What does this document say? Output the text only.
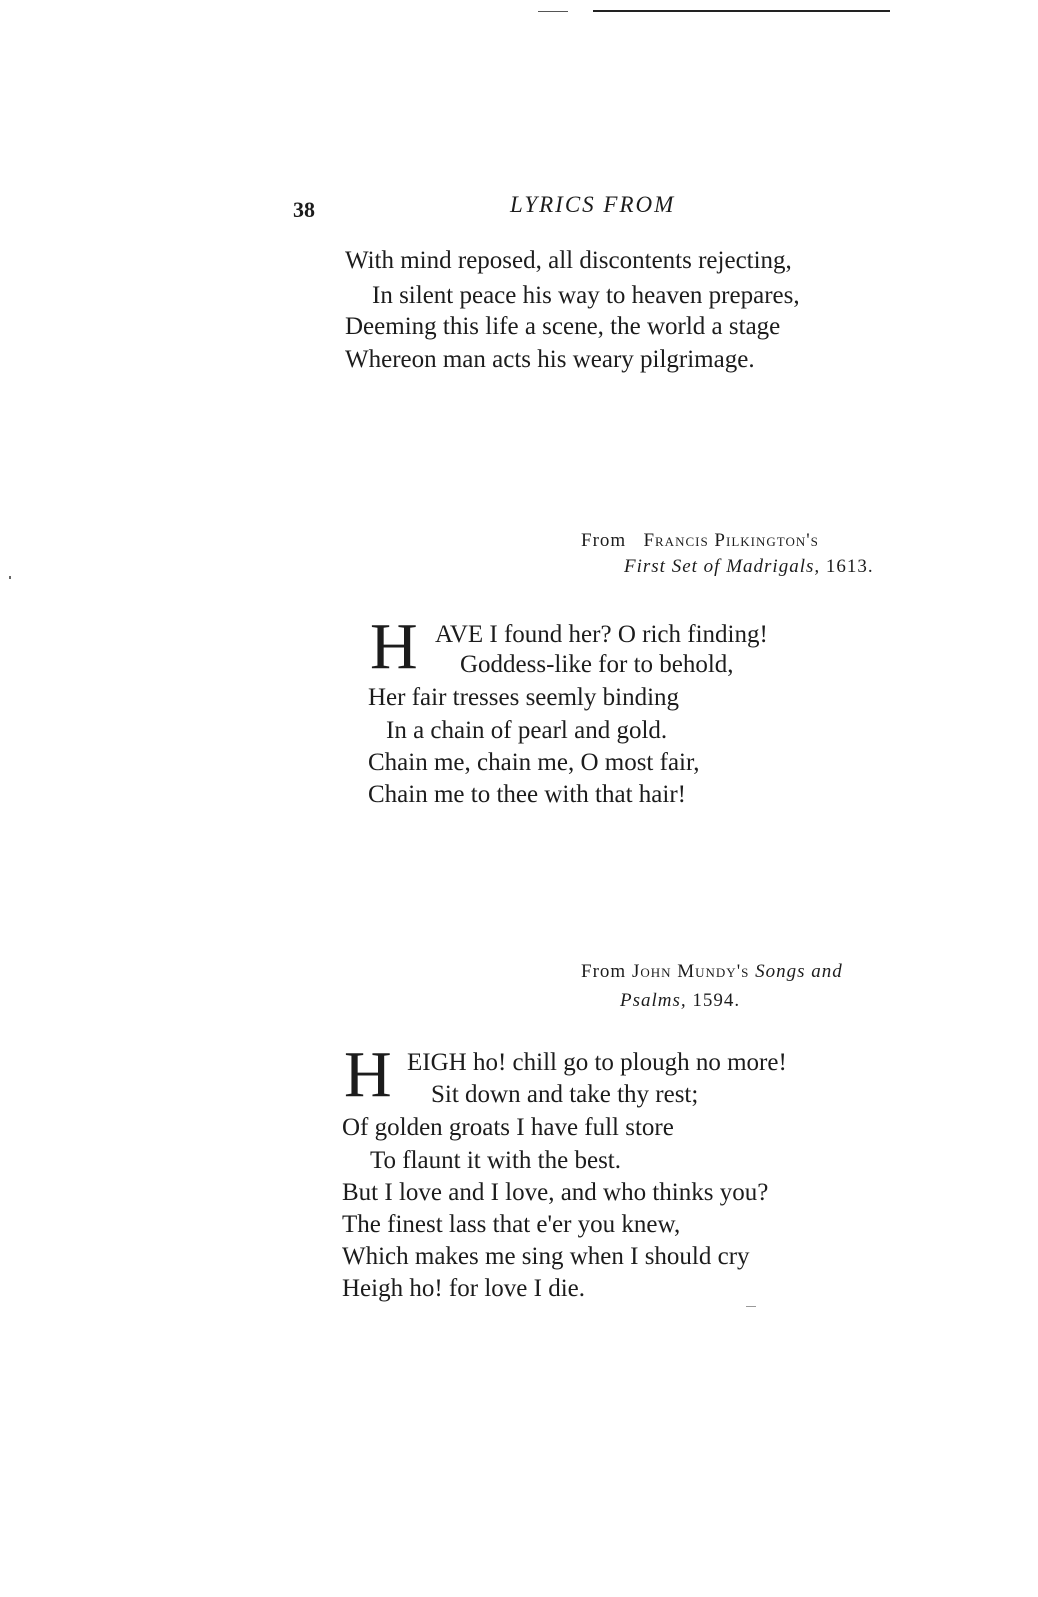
38	LYRICS FROM
With mind reposed, all discontents rejecting,
In silent peace his way to heaven prepares,
Deeming this life a scene, the world a stage
Whereon man acts his weary pilgrimage.
From Francis Pilkington's
First Set of Madrigals, 1613.
H AVE I found her? O rich finding!
Goddess-like for to behold,
Her fair tresses seemly binding
In a chain of pearl and gold.
Chain me, chain me, O most fair,
Chain me to thee with that hair!
From John Mundy's Songs and
Psalms, 1594.
H EIGH ho! chill go to plough no more!
Sit down and take thy rest;
Of golden groats I have full store
To flaunt it with the best.
But I love and I love, and who thinks you?
The finest lass that e'er you knew,
Which makes me sing when I should cry
Heigh ho! for love I die.
